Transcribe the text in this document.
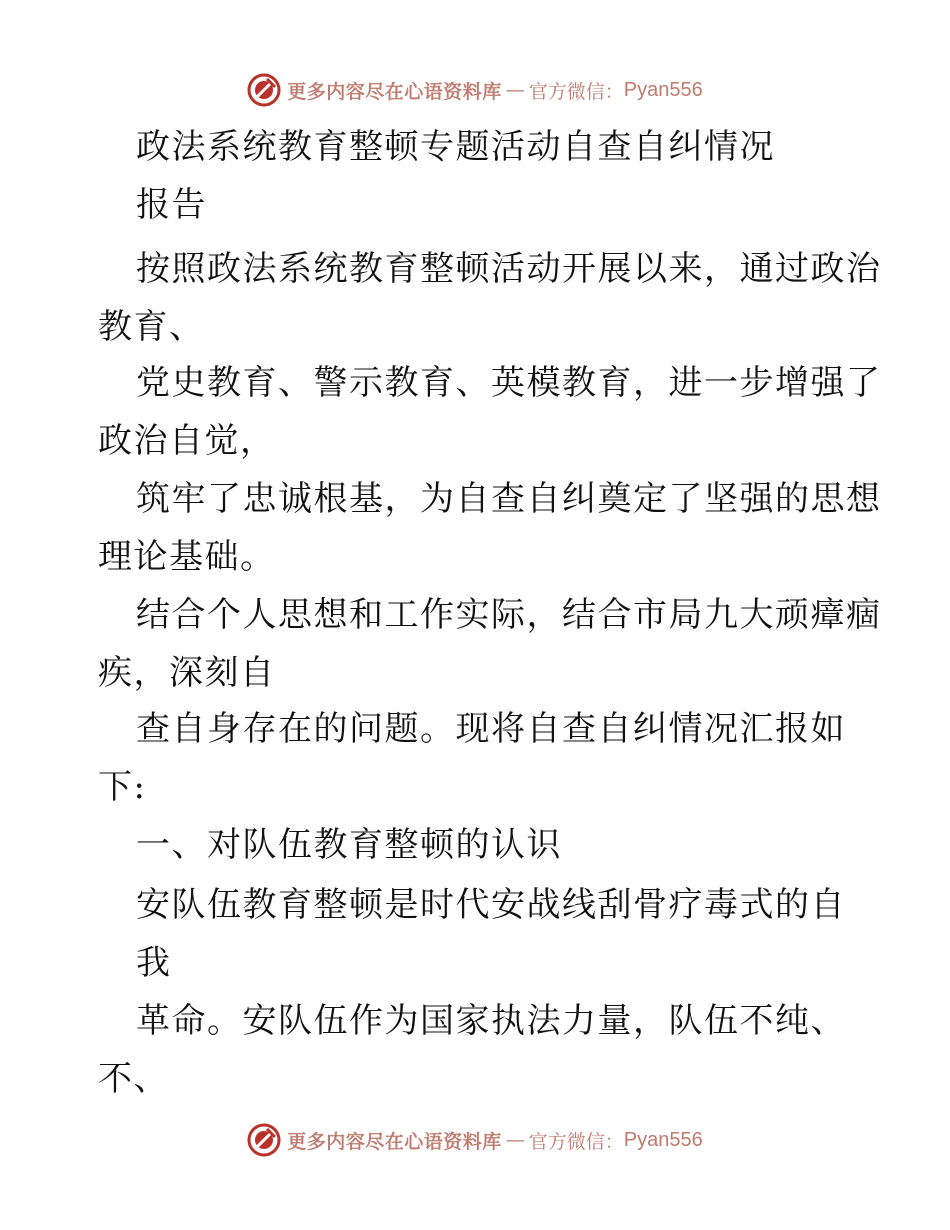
更多内容尽在心语资料库 — 官方微信： Pyan556
政法系统教育整顿专题活动自查自纠情况
报告
按照政法系统教育整顿活动开展以来，通过政治
教育、
党史教育、警示教育、英模教育，进一步增强了
政治自觉，
筑牢了忠诚根基，为自查自纠奠定了坚强的思想
理论基础。
结合个人思想和工作实际，结合市局九大顽瘴痼
疾，深刻自
查自身存在的问题。现将自查自纠情况汇报如
下:
一、对队伍教育整顿的认识
安队伍教育整顿是时代安战线刮骨疗毒式的自
我
革命。安队伍作为国家执法力量，队伍不纯、
不、
更多内容尽在心语资料库 — 官方微信： Pyan556
